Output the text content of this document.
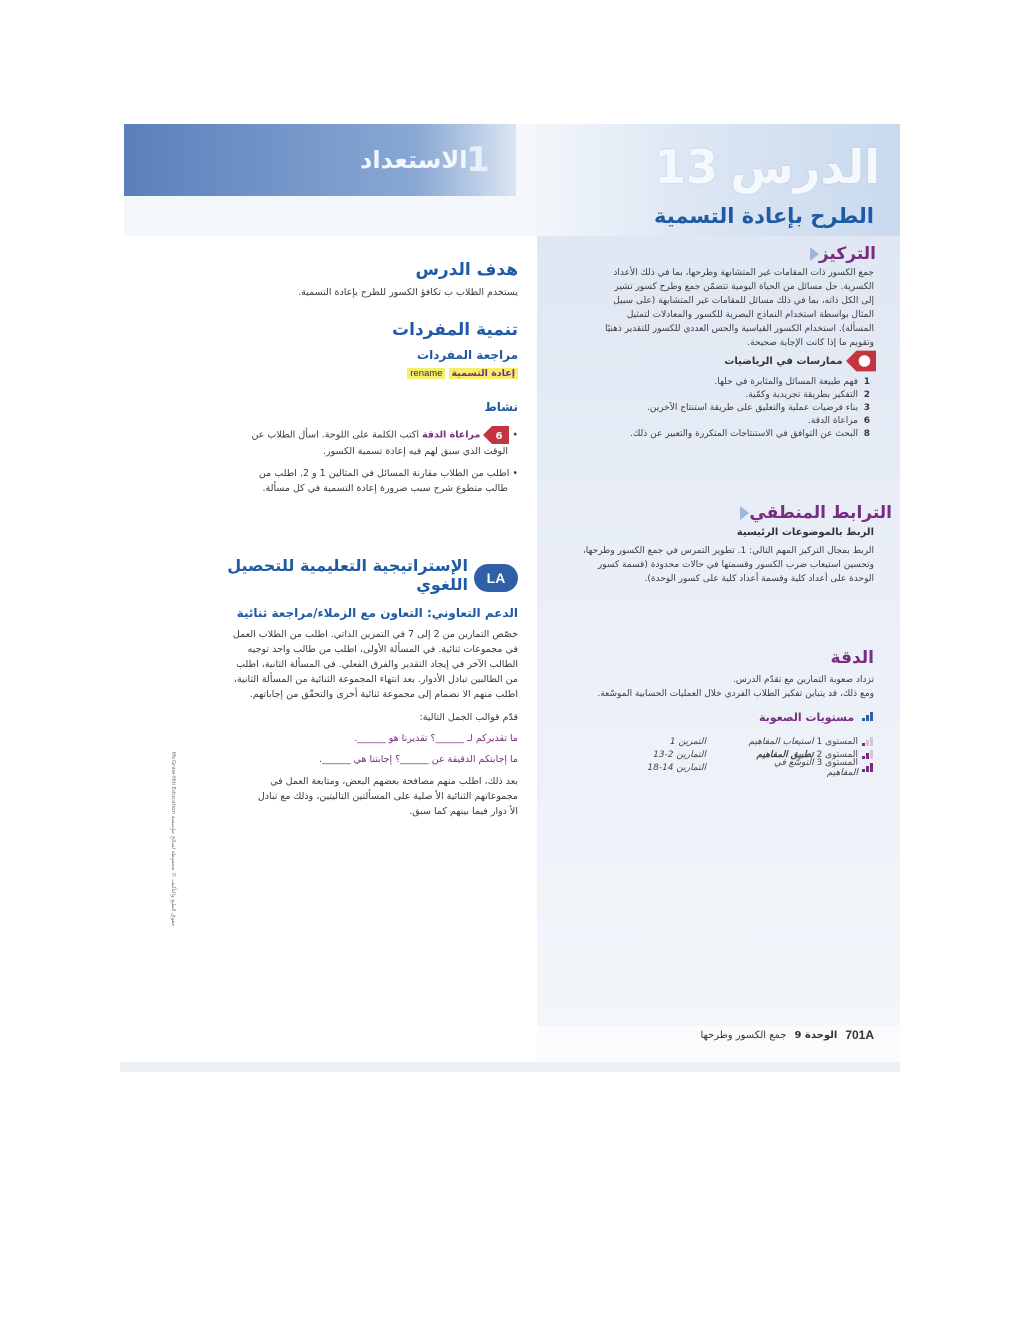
1
الاستعداد	13 الدرس
الطرح بإعادة التسمية
هدف الدرس
يستخدم الطلاب ب تكافؤ الكسور للطرح بإعادة التسمية.
تنمية المفردات
مراجعة المفردات
إعادة التسمية rename
نشاط
•
6
مراعاة الدقة اكتب الكلمة على اللوحة. اسأل الطلاب عن
الوقت الذي سبق لهم فيه إعادة تسمية الكسور.
• اطلب من الطلاب مقارنة المسائل في المثالين 1 و 2. اطلب من
طالب متطوع شرح سبب ضرورة إعادة التسمية في كل مسألة.
LA
الإستراتيجية التعليمية للتحصيل
اللغوي
الدعم التعاوني: التعاون مع الزملاء/مراجعة ثنائية
خصّص التمارين من 2 إلى 7 في التمرين الذاتي. اطلب من الطلاب العمل
في مجموعات ثنائية. في المسألة الأولى، اطلب من طالب واحد توجيه
الطالب الآخر في إيجاد التقدير والفرق الفعلي. في المسألة الثانية، اطلب
من الطالبين تبادل الأدوار. بعد انتهاء المجموعة الثنائية من المسألة الثانية،
اطلب منهم الا نضمام إلى مجموعة ثنائية أخرى والتحقّق من إجاباتهم.
قدّم قوالب الجمل التالية:
ما تقديركم لـ ______؟ تقديرنا هو ______.
ما إجابتكم الدقيقة عن ______؟ إجابتنا هي ______.
بعد ذلك، اطلب منهم مصافحة بعضهم البعض، ومتابعة العمل في
مجموعاتهم الثنائية الأ صلية على المسألتين التاليتين، وذلك مع تبادل
الأ دوار فيما بينهم كما سبق.
حقوق الطبع والتأليف © محفوظة لصالح مؤسسة McGraw-Hill Education
التركيز
جمع الكسور ذات المقامات غير المتشابهة وطرحها، بما في ذلك الأعداد
الكسرية. حل مسائل من الحياة اليومية تتضمّن جمع وطرح كسور تشير
إلى الكل ذاته، بما في ذلك مسائل للمقامات غير المتشابهة (على سبيل
المثال بواسطة استخدام النماذج البصرية للكسور والمعادلات لتمثيل
المسألة). استخدام الكسور القياسية والحس العددي للكسور للتقدير ذهنيًا
وتقويم ما إذا كانت الإجابة صحيحة.
ممارسات في الرياضيات
1  فهم طبيعة المسائل والمثابرة في حلها.
2  التفكير بطريقة تجريدية وكمّية.
3  بناء فرضيات عملية والتعليق على طريقة استنتاج الآخرين.
6  مراعاة الدقة.
8  البحث عن التوافق في الاستنتاجات المتكررة والتعبير عن ذلك.
الترابط المنطقي
الربط بالموضوعات الرئيسية
الربط بمجال التركيز المهم التالي: 1. تطوير التمرس في جمع الكسور وطرحها،
وتحسين استيعاب ضرب الكسور وقسمتها في حالات محدودة (قسمة كسور
الوحدة على أعداد كلية وقسمة أعداد كلية على كسور الوحدة).
الدقة
تزداد صعوبة التمارين مع تقدّم الدرس.
ومع ذلك، قد يتباين تفكير الطلاب الفردي خلال العمليات الحسابية الموسّعة.
مستويات الصعوبة
المستوى 1 استيعاب المفاهيم
التمرين 1
المستوى 2 تطبيق المفاهيم
التمارين 2-13
المستوى 3 التوسّع في المفاهيم
التمارين 14-18
701A
الوحدة 9
جمع الكسور وطرحها
